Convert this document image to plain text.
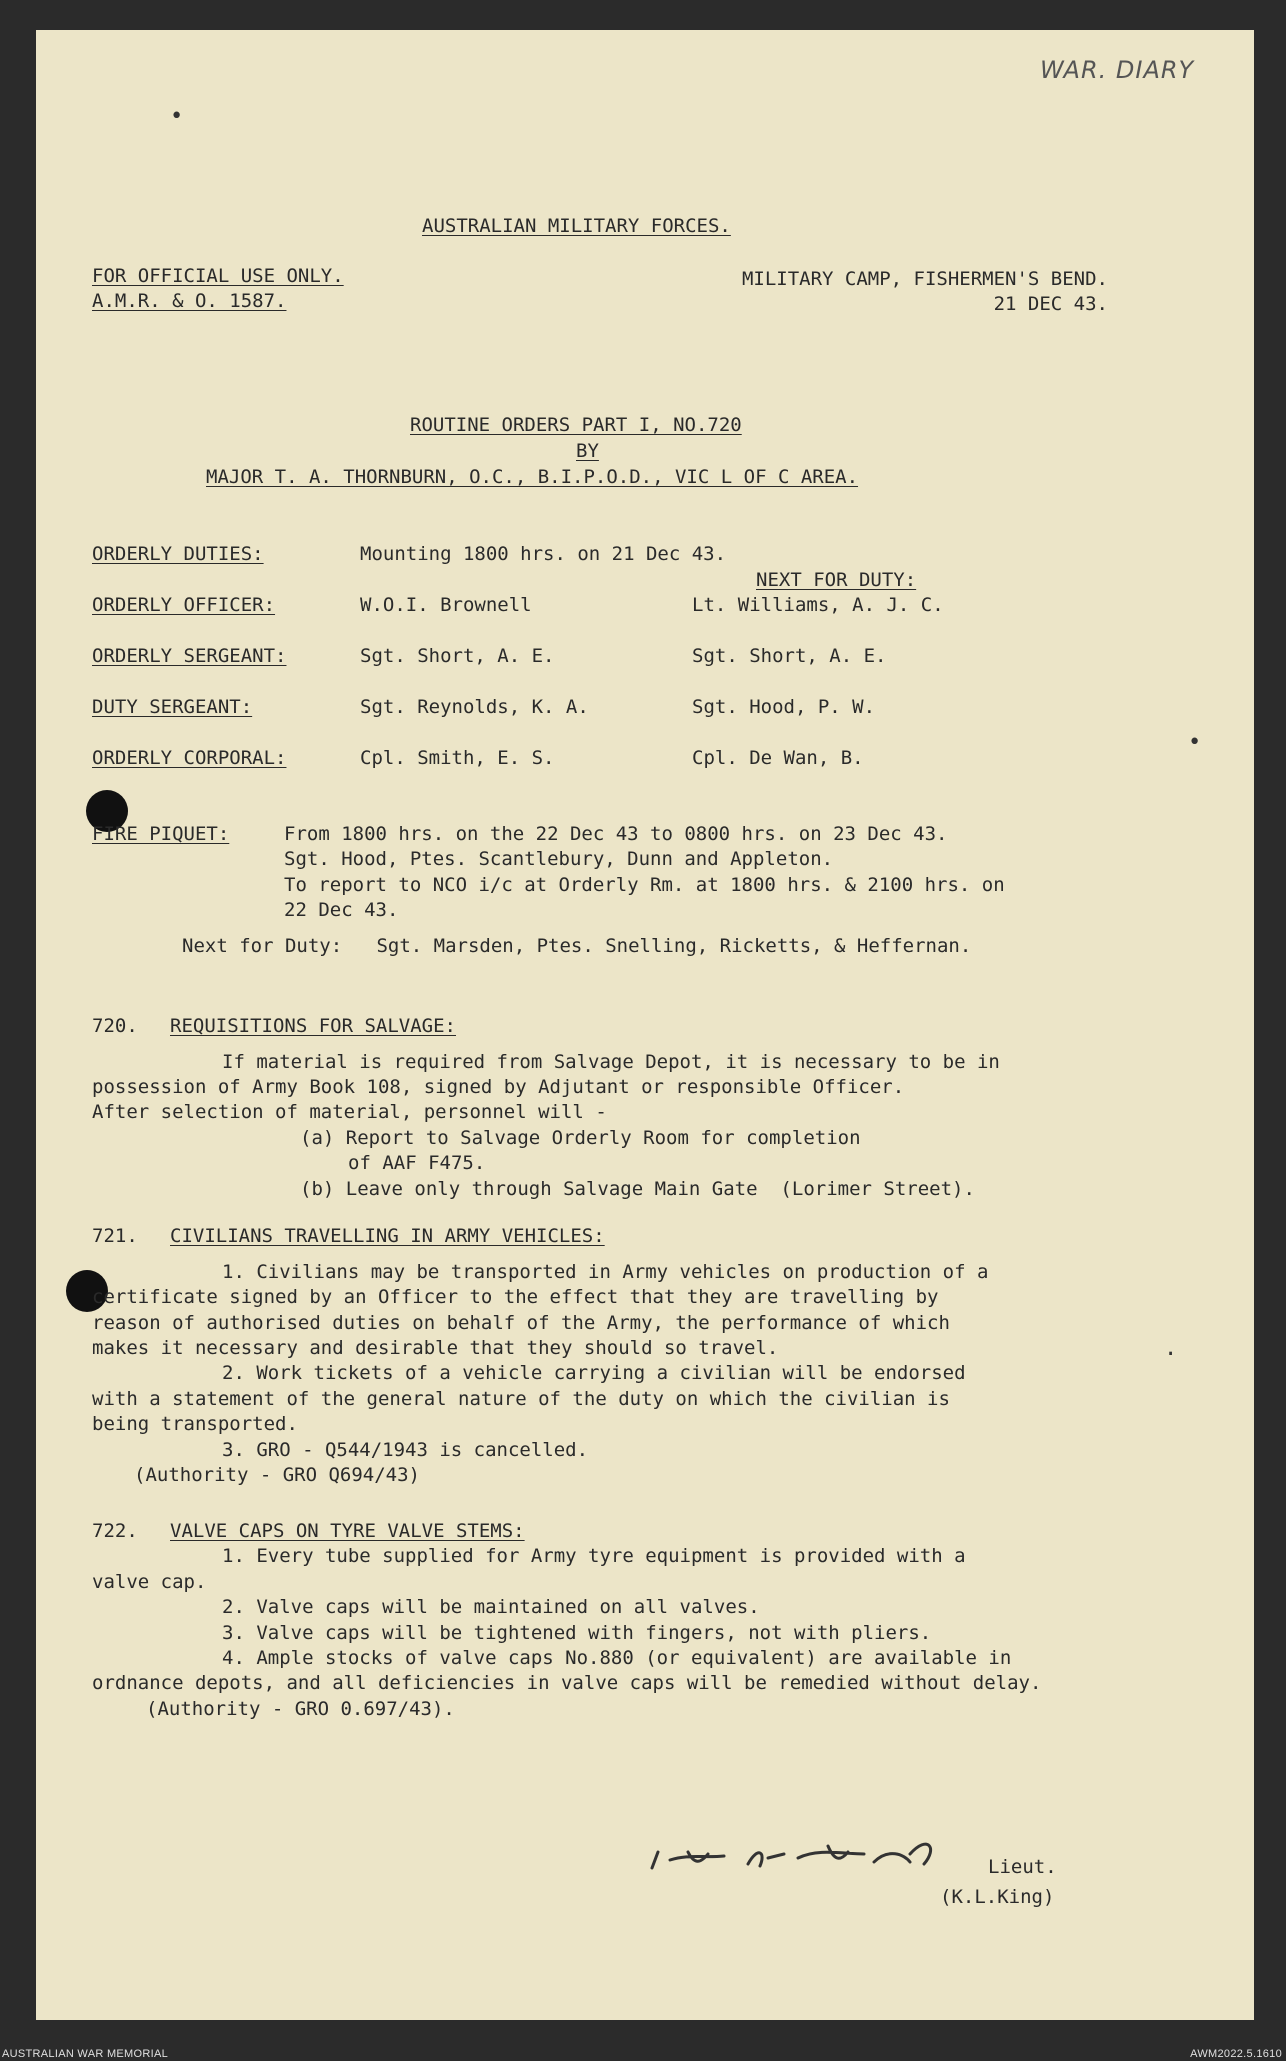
WAR. DIARY
•
•
·
AUSTRALIAN MILITARY FORCES.
FOR OFFICIAL USE ONLY.
A.M.R. & O. 1587.
MILITARY CAMP, FISHERMEN'S BEND.
21 DEC 43.
ROUTINE ORDERS PART I, NO.720
BY
MAJOR T. A. THORNBURN, O.C., B.I.P.O.D., VIC L OF C AREA.
ORDERLY DUTIES:	Mounting 1800 hrs. on 21 Dec 43.
NEXT FOR DUTY:
ORDERLY OFFICER:	W.O.I. Brownell	Lt. Williams, A. J. C.
ORDERLY SERGEANT:	Sgt. Short, A. E.	Sgt. Short, A. E.
DUTY SERGEANT:	Sgt. Reynolds, K. A.	Sgt. Hood, P. W.
ORDERLY CORPORAL:	Cpl. Smith, E. S.	Cpl. De Wan, B.
FIRE PIQUET:	From 1800 hrs. on the 22 Dec 43 to 0800 hrs. on 23 Dec 43.
Sgt. Hood, Ptes. Scantlebury, Dunn and Appleton.
To report to NCO i/c at Orderly Rm. at 1800 hrs. & 2100 hrs. on
22 Dec 43.
Next for Duty:   Sgt. Marsden, Ptes. Snelling, Ricketts, & Heffernan.
720. REQUISITIONS FOR SALVAGE:
If material is required from Salvage Depot, it is necessary to be in
possession of Army Book 108, signed by Adjutant or responsible Officer.
After selection of material, personnel will -
(a) Report to Salvage Orderly Room for completion
of AAF F475.
(b) Leave only through Salvage Main Gate  (Lorimer Street).
721. CIVILIANS TRAVELLING IN ARMY VEHICLES:
1. Civilians may be transported in Army vehicles on production of a
certificate signed by an Officer to the effect that they are travelling by
reason of authorised duties on behalf of the Army, the performance of which
makes it necessary and desirable that they should so travel.
2. Work tickets of a vehicle carrying a civilian will be endorsed
with a statement of the general nature of the duty on which the civilian is
being transported.
3. GRO - Q544/1943 is cancelled.
(Authority - GRO Q694/43)
722. VALVE CAPS ON TYRE VALVE STEMS:
1. Every tube supplied for Army tyre equipment is provided with a
valve cap.
2. Valve caps will be maintained on all valves.
3. Valve caps will be tightened with fingers, not with pliers.
4. Ample stocks of valve caps No.880 (or equivalent) are available in
ordnance depots, and all deficiencies in valve caps will be remedied without delay.
(Authority - GRO 0.697/43).
Lieut.
(K.L.King)
AUSTRALIAN WAR MEMORIAL	AWM2022.5.1610
